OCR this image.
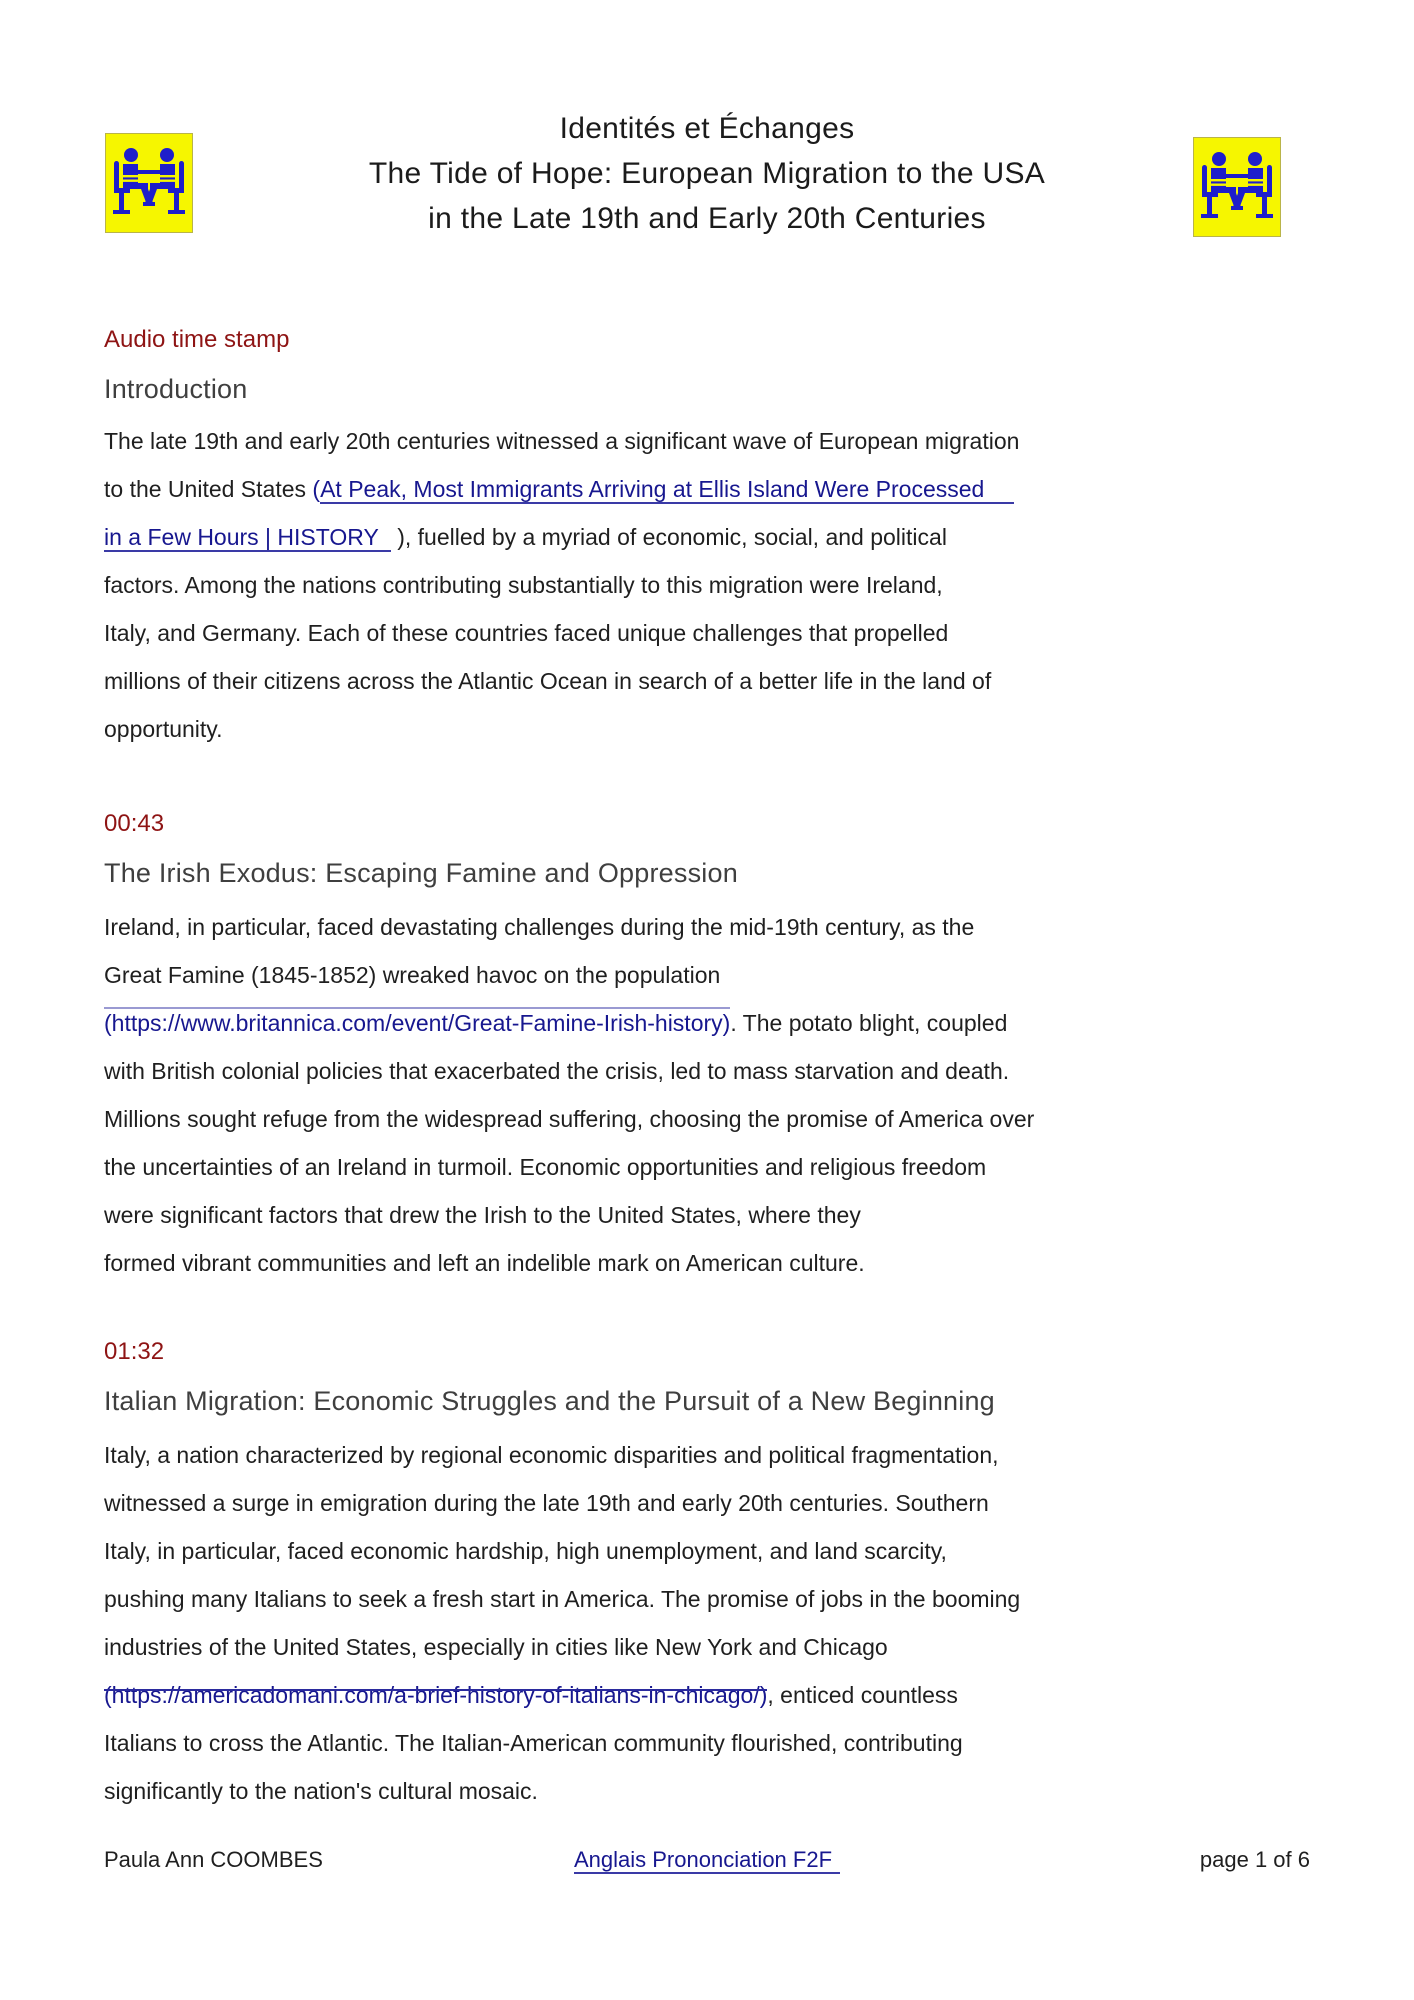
Identités et Échanges
The Tide of Hope: European Migration to the USA
in the Late 19th and Early 20th Centuries
Audio time stamp
Introduction
The late 19th and early 20th centuries witnessed a significant wave of European migration
to the United States (At Peak, Most Immigrants Arriving at Ellis Island Were Processed
in a Few Hours | HISTORY ), fuelled by a myriad of economic, social, and political
factors. Among the nations contributing substantially to this migration were Ireland,
Italy, and Germany. Each of these countries faced unique challenges that propelled
millions of their citizens across the Atlantic Ocean in search of a better life in the land of
opportunity.
00:43
The Irish Exodus: Escaping Famine and Oppression
Ireland, in particular, faced devastating challenges during the mid-19th century, as the
Great Famine (1845-1852) wreaked havoc on the population
(https://www.britannica.com/event/Great-Famine-Irish-history). The potato blight, coupled
with British colonial policies that exacerbated the crisis, led to mass starvation and death.
Millions sought refuge from the widespread suffering, choosing the promise of America over
the uncertainties of an Ireland in turmoil. Economic opportunities and religious freedom
were significant factors that drew the Irish to the United States, where they
formed vibrant communities and left an indelible mark on American culture.
01:32
Italian Migration: Economic Struggles and the Pursuit of a New Beginning
Italy, a nation characterized by regional economic disparities and political fragmentation,
witnessed a surge in emigration during the late 19th and early 20th centuries. Southern
Italy, in particular, faced economic hardship, high unemployment, and land scarcity,
pushing many Italians to seek a fresh start in America. The promise of jobs in the booming
industries of the United States, especially in cities like New York and Chicago
(https://americadomani.com/a-brief-history-of-italians-in-chicago/), enticed countless
Italians to cross the Atlantic. The Italian-American community flourished, contributing
significantly to the nation's cultural mosaic.
Paula Ann COOMBES	Anglais Prononciation F2F	page 1 of 6
